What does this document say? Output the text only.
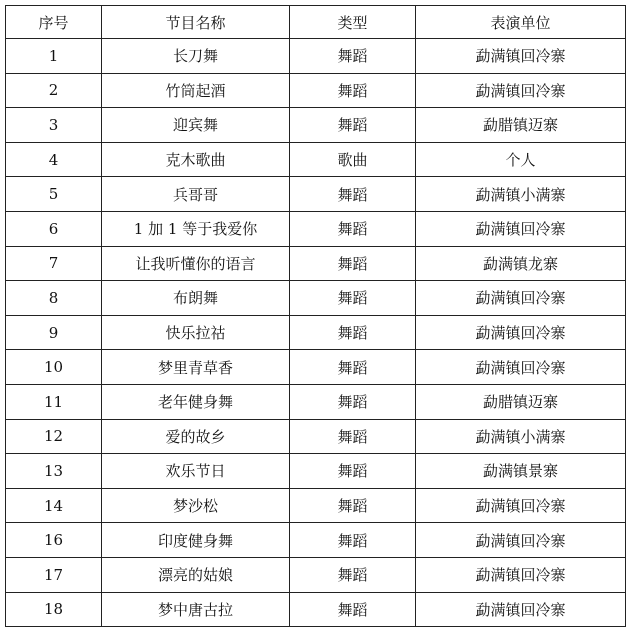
序号	节目名称	类型	表演单位
1	长刀舞	舞蹈	勐满镇回冷寨
2	竹筒起酒	舞蹈	勐满镇回冷寨
3	迎宾舞	舞蹈	勐腊镇迈寨
4	克木歌曲	歌曲	个人
5	兵哥哥	舞蹈	勐满镇小满寨
6	1 加 1 等于我爱你	舞蹈	勐满镇回冷寨
7	让我听懂你的语言	舞蹈	勐满镇龙寨
8	布朗舞	舞蹈	勐满镇回冷寨
9	快乐拉祜	舞蹈	勐满镇回冷寨
10	梦里青草香	舞蹈	勐满镇回冷寨
11	老年健身舞	舞蹈	勐腊镇迈寨
12	爱的故乡	舞蹈	勐满镇小满寨
13	欢乐节日	舞蹈	勐满镇景寨
14	梦沙松	舞蹈	勐满镇回冷寨
16	印度健身舞	舞蹈	勐满镇回冷寨
17	漂亮的姑娘	舞蹈	勐满镇回冷寨
18	梦中唐古拉	舞蹈	勐满镇回冷寨
